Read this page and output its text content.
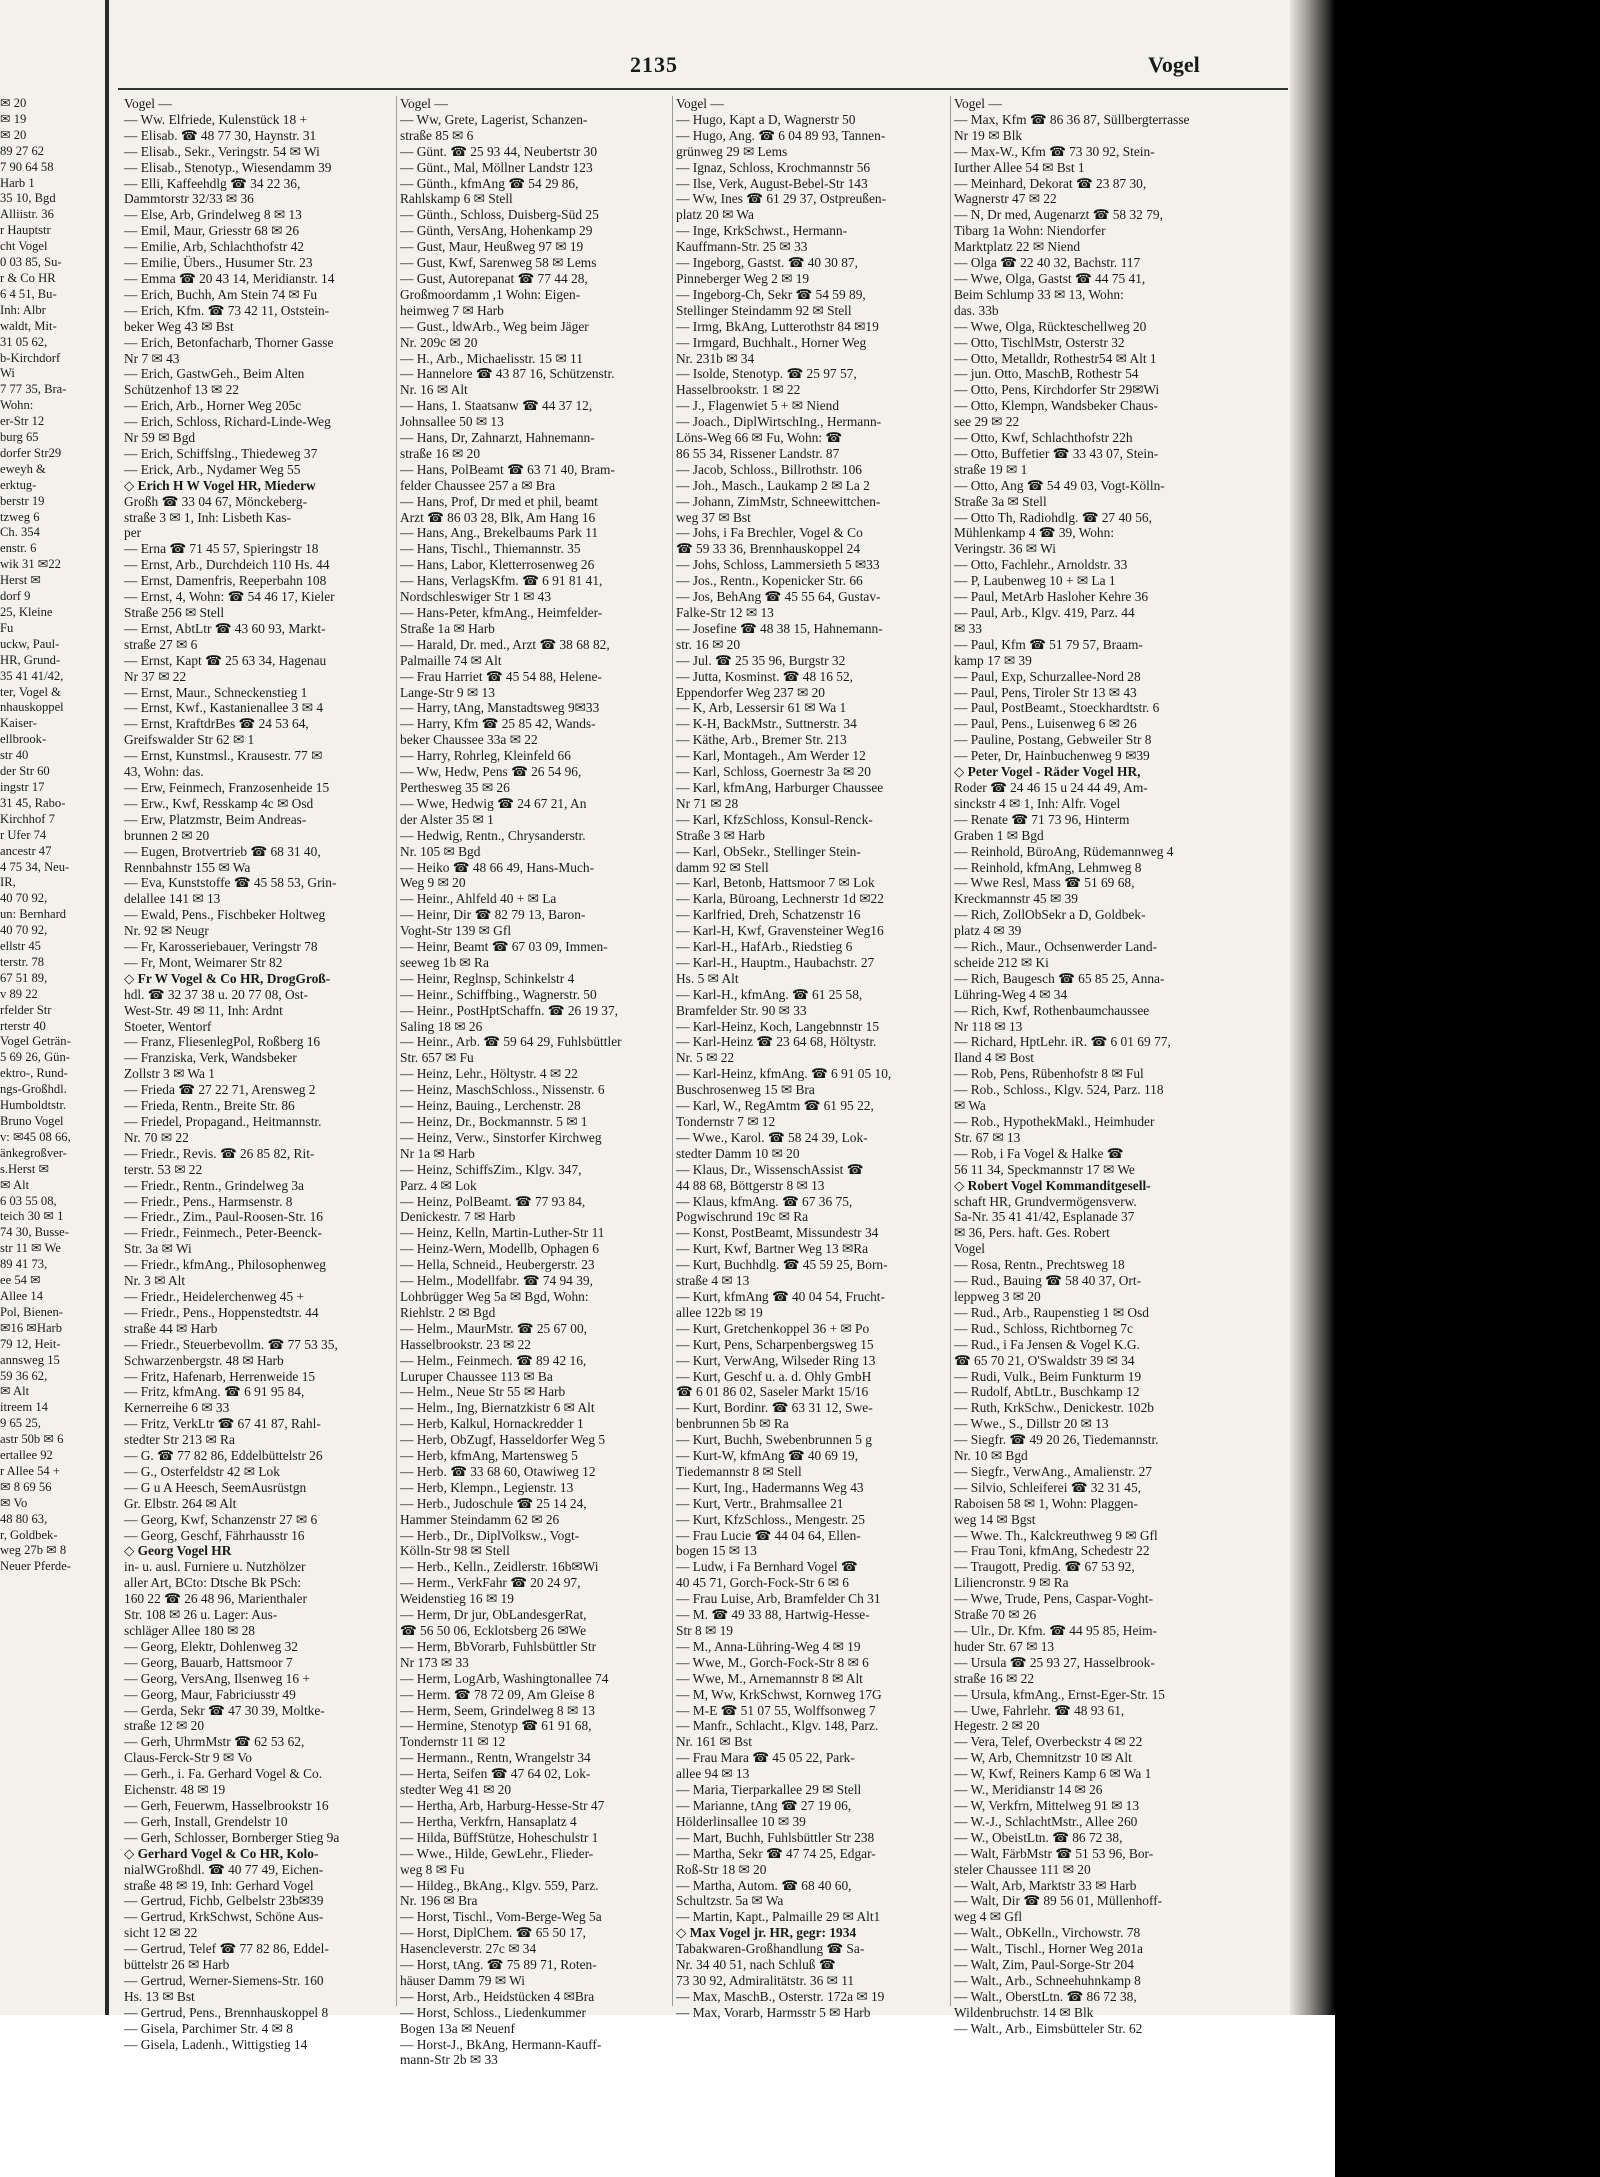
2135	Vogel
✉ 20
✉ 19
✉ 20
89 27 62
7 90 64 58
Harb 1
35 10, Bgd
Alliistr. 36
r Hauptstr
cht Vogel
0 03 85, Su-
r & Co HR
6 4 51, Bu-
Inh: Albr
waldt, Mit-
31 05 62,
b-Kirchdorf
Wi
7 77 35, Bra-
Wohn:
er-Str 12
burg 65
dorfer Str29
eweyh &
erktug-
berstr 19
tzweg 6
Ch. 354
enstr. 6
wik 31 ✉22
Herst ✉
dorf 9
25, Kleine
Fu
uckw, Paul-
HR, Grund-
35 41 41/42,
ter, Vogel &
nhauskoppel
Kaiser-
ellbrook-
str 40
der Str 60
ingstr 17
31 45, Rabo-
Kirchhof 7
r Ufer 74
ancestr 47
4 75 34, Neu-
IR,
40 70 92,
un: Bernhard
40 70 92,
ellstr 45
terstr. 78
67 51 89,
v 89 22
rfelder Str
rterstr 40
Vogel Geträn-
5 69 26, Gün-
ektro-, Rund-
ngs-Großhdl.
Humboldtstr.
Bruno Vogel
v: ✉45 08 66,
änkegroßver-
s.Herst ✉
✉ Alt
6 03 55 08,
teich 30 ✉ 1
74 30, Busse-
str 11 ✉ We
89 41 73,
ee 54 ✉
Allee 14
Pol, Bienen-
✉16 ✉Harb
79 12, Heit-
annsweg 15
59 36 62,
✉ Alt
itreem 14
9 65 25,
astr 50b ✉ 6
ertallee 92
r Allee 54 +
✉ 8 69 56
✉ Vo
48 80 63,
r, Goldbek-
weg 27b ✉ 8
Neuer Pferde-
Vogel —
— Ww. Elfriede, Kulenstück 18 +
— Elisab. ☎ 48 77 30, Haynstr. 31
— Elisab., Sekr., Veringstr. 54 ✉ Wi
— Elisab., Stenotyp., Wiesendamm 39
— Elli, Kaffeehdlg ☎ 34 22 36,
Dammtorstr 32/33 ✉ 36
— Else, Arb, Grindelweg 8 ✉ 13
— Emil, Maur, Griesstr 68 ✉ 26
— Emilie, Arb, Schlachthofstr 42
— Emilie, Übers., Husumer Str. 23
— Emma ☎ 20 43 14, Meridianstr. 14
— Erich, Buchh, Am Stein 74 ✉ Fu
— Erich, Kfm. ☎ 73 42 11, Oststein-
beker Weg 43 ✉ Bst
— Erich, Betonfacharb, Thorner Gasse
Nr 7 ✉ 43
— Erich, GastwGeh., Beim Alten
Schützenhof 13 ✉ 22
— Erich, Arb., Horner Weg 205c
— Erich, Schloss, Richard-Linde-Weg
Nr 59 ✉ Bgd
— Erich, Schiffslng., Thiedeweg 37
— Erick, Arb., Nydamer Weg 55
◇ Erich H W Vogel HR, Miederw
Großh ☎ 33 04 67, Mönckeberg-
straße 3 ✉ 1, Inh: Lisbeth Kas-
per
— Erna ☎ 71 45 57, Spieringstr 18
— Ernst, Arb., Durchdeich 110 Hs. 44
— Ernst, Damenfris, Reeperbahn 108
— Ernst, 4, Wohn: ☎ 54 46 17, Kieler
Straße 256 ✉ Stell
— Ernst, AbtLtr ☎ 43 60 93, Markt-
straße 27 ✉ 6
— Ernst, Kapt ☎ 25 63 34, Hagenau
Nr 37 ✉ 22
— Ernst, Maur., Schneckenstieg 1
— Ernst, Kwf., Kastanienallee 3 ✉ 4
— Ernst, KraftdrBes ☎ 24 53 64,
Greifswalder Str 62 ✉ 1
— Ernst, Kunstmsl., Krausestr. 77 ✉
43, Wohn: das.
— Erw, Feinmech, Franzosenheide 15
— Erw., Kwf, Resskamp 4c ✉ Osd
— Erw, Platzmstr, Beim Andreas-
brunnen 2 ✉ 20
— Eugen, Brotvertrieb ☎ 68 31 40,
Rennbahnstr 155 ✉ Wa
— Eva, Kunststoffe ☎ 45 58 53, Grin-
delallee 141 ✉ 13
— Ewald, Pens., Fischbeker Holtweg
Nr. 92 ✉ Neugr
— Fr, Karosseriebauer, Veringstr 78
— Fr, Mont, Weimarer Str 82
◇ Fr W Vogel & Co HR, DrogGroß-
hdl. ☎ 32 37 38 u. 20 77 08, Ost-
West-Str. 49 ✉ 11, Inh: Ardnt
Stoeter, Wentorf
— Franz, FliesenlegPol, Roßberg 16
— Franziska, Verk, Wandsbeker
Zollstr 3 ✉ Wa 1
— Frieda ☎ 27 22 71, Arensweg 2
— Frieda, Rentn., Breite Str. 86
— Friedel, Propagand., Heitmannstr.
Nr. 70 ✉ 22
— Friedr., Revis. ☎ 26 85 82, Rit-
terstr. 53 ✉ 22
— Friedr., Rentn., Grindelweg 3a
— Friedr., Pens., Harmsenstr. 8
— Friedr., Zim., Paul-Roosen-Str. 16
— Friedr., Feinmech., Peter-Beenck-
Str. 3a ✉ Wi
— Friedr., kfmAng., Philosophenweg
Nr. 3 ✉ Alt
— Friedr., Heidelerchenweg 45 +
— Friedr., Pens., Hoppenstedtstr. 44
straße 44 ✉ Harb
— Friedr., Steuerbevollm. ☎ 77 53 35,
Schwarzenbergstr. 48 ✉ Harb
— Fritz, Hafenarb, Herrenweide 15
— Fritz, kfmAng. ☎ 6 91 95 84,
Kernerreihe 6 ✉ 33
— Fritz, VerkLtr ☎ 67 41 87, Rahl-
stedter Str 213 ✉ Ra
— G. ☎ 77 82 86, Eddelbüttelstr 26
— G., Osterfeldstr 42 ✉ Lok
— G u A Heesch, SeemAusrüstgn
Gr. Elbstr. 264 ✉ Alt
— Georg, Kwf, Schanzenstr 27 ✉ 6
— Georg, Geschf, Fährhausstr 16
◇ Georg Vogel HR
in- u. ausl. Furniere u. Nutzhölzer
aller Art, BCto: Dtsche Bk PSch:
160 22 ☎ 26 48 96, Marienthaler
Str. 108 ✉ 26 u. Lager: Aus-
schläger Allee 180 ✉ 28
— Georg, Elektr, Dohlenweg 32
— Georg, Bauarb, Hattsmoor 7
— Georg, VersAng, Ilsenweg 16 +
— Georg, Maur, Fabriciusstr 49
— Gerda, Sekr ☎ 47 30 39, Moltke-
straße 12 ✉ 20
— Gerh, UhrmMstr ☎ 62 53 62,
Claus-Ferck-Str 9 ✉ Vo
— Gerh., i. Fa. Gerhard Vogel & Co.
Eichenstr. 48 ✉ 19
— Gerh, Feuerwm, Hasselbrookstr 16
— Gerh, Install, Grendelstr 10
— Gerh, Schlosser, Bornberger Stieg 9a
◇ Gerhard Vogel & Co HR, Kolo-
nialWGroßhdl. ☎ 40 77 49, Eichen-
straße 48 ✉ 19, Inh: Gerhard Vogel
— Gertrud, Fichb, Gelbelstr 23b✉39
— Gertrud, KrkSchwst, Schöne Aus-
sicht 12 ✉ 22
— Gertrud, Telef ☎ 77 82 86, Eddel-
büttelstr 26 ✉ Harb
— Gertrud, Werner-Siemens-Str. 160
Hs. 13 ✉ Bst
— Gertrud, Pens., Brennhauskoppel 8
— Gisela, Parchimer Str. 4 ✉ 8
— Gisela, Ladenh., Wittigstieg 14
Vogel —
— Ww, Grete, Lagerist, Schanzen-
straße 85 ✉ 6
— Günt. ☎ 25 93 44, Neubertstr 30
— Günt., Mal, Möllner Landstr 123
— Günth., kfmAng ☎ 54 29 86,
Rahlskamp 6 ✉ Stell
— Günth., Schloss, Duisberg-Süd 25
— Günth, VersAng, Hohenkamp 29
— Gust, Maur, Heußweg 97 ✉ 19
— Gust, Kwf, Sarenweg 58 ✉ Lems
— Gust, Autorepanat ☎ 77 44 28,
Großmoordamm ,1 Wohn: Eigen-
heimweg 7 ✉ Harb
— Gust., ldwArb., Weg beim Jäger
Nr. 209c ✉ 20
— H., Arb., Michaelisstr. 15 ✉ 11
— Hannelore ☎ 43 87 16, Schützenstr.
Nr. 16 ✉ Alt
— Hans, 1. Staatsanw ☎ 44 37 12,
Johnsallee 50 ✉ 13
— Hans, Dr, Zahnarzt, Hahnemann-
straße 16 ✉ 20
— Hans, PolBeamt ☎ 63 71 40, Bram-
felder Chaussee 257 a ✉ Bra
— Hans, Prof, Dr med et phil, beamt
Arzt ☎ 86 03 28, Blk, Am Hang 16
— Hans, Ang., Brekelbaums Park 11
— Hans, Tischl., Thiemannstr. 35
— Hans, Labor, Kletterrosenweg 26
— Hans, VerlagsKfm. ☎ 6 91 81 41,
Nordschleswiger Str 1 ✉ 43
— Hans-Peter, kfmAng., Heimfelder-
Straße 1a ✉ Harb
— Harald, Dr. med., Arzt ☎ 38 68 82,
Palmaille 74 ✉ Alt
— Frau Harriet ☎ 45 54 88, Helene-
Lange-Str 9 ✉ 13
— Harry, tAng, Manstadtsweg 9✉33
— Harry, Kfm ☎ 25 85 42, Wands-
beker Chaussee 33a ✉ 22
— Harry, Rohrleg, Kleinfeld 66
— Ww, Hedw, Pens ☎ 26 54 96,
Pertheswеg 35 ✉ 26
— Wwe, Hedwig ☎ 24 67 21, An
der Alster 35 ✉ 1
— Hedwig, Rentn., Chrysanderstr.
Nr. 105 ✉ Bgd
— Heiko ☎ 48 66 49, Hans-Much-
Weg 9 ✉ 20
— Heinr., Ahlfeld 40 + ✉ La
— Heinr, Dir ☎ 82 79 13, Baron-
Voght-Str 139 ✉ Gfl
— Heinr, Beamt ☎ 67 03 09, Immen-
seeweg 1b ✉ Ra
— Heinr, Reglnsp, Schinkelstr 4
— Heinr., Schiffbing., Wagnerstr. 50
— Heinr., PostHptSchaffn. ☎ 26 19 37,
Saling 18 ✉ 26
— Heinr., Arb. ☎ 59 64 29, Fuhlsbüttler
Str. 657 ✉ Fu
— Heinz, Lehr., Höltystr. 4 ✉ 22
— Heinz, MaschSchloss., Nissenstr. 6
— Heinz, Bauing., Lerchenstr. 28
— Heinz, Dr., Bockmannstr. 5 ✉ 1
— Heinz, Verw., Sinstorfer Kirchweg
Nr 1a ✉ Harb
— Heinz, SchiffsZim., Klgv. 347,
Parz. 4 ✉ Lok
— Heinz, PolBeamt. ☎ 77 93 84,
Denickestr. 7 ✉ Harb
— Heinz, Kelln, Martin-Luther-Str 11
— Heinz-Wern, Modellb, Ophagen 6
— Hella, Schneid., Heubergerstr. 23
— Helm., Modellfabr. ☎ 74 94 39,
Lohbrügger Weg 5a ✉ Bgd, Wohn:
Riehlstr. 2 ✉ Bgd
— Helm., MaurMstr. ☎ 25 67 00,
Hasselbrookstr. 23 ✉ 22
— Helm., Feinmech. ☎ 89 42 16,
Luruper Chaussee 113 ✉ Ba
— Helm., Neue Str 55 ✉ Harb
— Helm., Ing, Biernatzkistr 6 ✉ Alt
— Herb, Kalkul, Hornackredder 1
— Herb, ObZugf, Hasseldorfer Weg 5
— Herb, kfmAng, Martensweg 5
— Herb. ☎ 33 68 60, Otawiweg 12
— Herb, Klempn., Legienstr. 13
— Herb., Judoschule ☎ 25 14 24,
Hammer Steindamm 62 ✉ 26
— Herb., Dr., DiplVolksw., Vogt-
Kölln-Str 98 ✉ Stell
— Herb., Kelln., Zeidlerstr. 16b✉Wi
— Herm., VerkFahr ☎ 20 24 97,
Weidenstieg 16 ✉ 19
— Herm, Dr jur, ObLandesgerRat,
☎ 56 50 06, Ecklotsberg 26 ✉We
— Herm, BbVorarb, Fuhlsbüttler Str
Nr 173 ✉ 33
— Herm, LogArb, Washingtonallee 74
— Herm. ☎ 78 72 09, Am Gleise 8
— Herm, Seem, Grindelweg 8 ✉ 13
— Hermine, Stenotyp ☎ 61 91 68,
Tondernstr 11 ✉ 12
— Hermann., Rentn, Wrangelstr 34
— Herta, Seifen ☎ 47 64 02, Lok-
stedter Weg 41 ✉ 20
— Hertha, Arb, Harburg-Hesse-Str 47
— Hertha, Verkfrn, Hansaplatz 4
— Hilda, BüffStütze, Hoheschulstr 1
— Wwe., Hilde, GewLehr., Flieder-
weg 8 ✉ Fu
— Hildeg., BkAng., Klgv. 559, Parz.
Nr. 196 ✉ Bra
— Horst, Tischl., Vom-Berge-Weg 5a
— Horst, DiplChem. ☎ 65 50 17,
Hasencleverstr. 27c ✉ 34
— Horst, tAng. ☎ 75 89 71, Roten-
häuser Damm 79 ✉ Wi
— Horst, Arb., Heidstücken 4 ✉Bra
— Horst, Schloss., Liedenkummer
Bogen 13a ✉ Neuenf
— Horst-J., BkAng, Hermann-Kauff-
mann-Str 2b ✉ 33
Vogel —
— Hugo, Kapt a D, Wagnerstr 50
— Hugo, Ang. ☎ 6 04 89 93, Tannen-
grünweg 29 ✉ Lems
— Ignaz, Schloss, Krochmannstr 56
— Ilse, Verk, August-Bebel-Str 143
— Ww, Ines ☎ 61 29 37, Ostpreußen-
platz 20 ✉ Wa
— Inge, KrkSchwst., Hermann-
Kauffmann-Str. 25 ✉ 33
— Ingeborg, Gastst. ☎ 40 30 87,
Pinneberger Weg 2 ✉ 19
— Ingeborg-Ch, Sekr ☎ 54 59 89,
Stellinger Steindamm 92 ✉ Stell
— Irmg, BkAng, Lutterothstr 84 ✉19
— Irmgard, Buchhalt., Horner Weg
Nr. 231b ✉ 34
— Isolde, Stenotyp. ☎ 25 97 57,
Hasselbrookstr. 1 ✉ 22
— J., Flagenwiet 5 + ✉ Niend
— Joach., DiplWirtschIng., Hermann-
Löns-Weg 66 ✉ Fu, Wohn: ☎
86 55 34, Rissener Landstr. 87
— Jacob, Schloss., Billrothstr. 106
— Joh., Masch., Laukamp 2 ✉ La 2
— Johann, ZimMstr, Schneewittchen-
weg 37 ✉ Bst
— Johs, i Fa Brechler, Vogel & Co
☎ 59 33 36, Brennhauskoppel 24
— Johs, Schloss, Lammersieth 5 ✉33
— Jos., Rentn., Kopenicker Str. 66
— Jos, BehAng ☎ 45 55 64, Gustav-
Falke-Str 12 ✉ 13
— Josefine ☎ 48 38 15, Hahnemann-
str. 16 ✉ 20
— Jul. ☎ 25 35 96, Burgstr 32
— Jutta, Kosminst. ☎ 48 16 52,
Eppendorfer Weg 237 ✉ 20
— K, Arb, Lessersir 61 ✉ Wa 1
— K-H, BackMstr., Suttnerstr. 34
— Käthe, Arb., Bremer Str. 213
— Karl, Montageh., Am Werder 12
— Karl, Schloss, Goernestr 3a ✉ 20
— Karl, kfmAng, Harburger Chaussee
Nr 71 ✉ 28
— Karl, KfzSchloss, Konsul-Renck-
Straße 3 ✉ Harb
— Karl, ObSekr., Stellinger Stein-
damm 92 ✉ Stell
— Karl, Betonb, Hattsmoor 7 ✉ Lok
— Karla, Büroang, Lechnerstr 1d ✉22
— Karlfried, Dreh, Schatzenstr 16
— Karl-H, Kwf, Gravensteiner Weg16
— Karl-H., HafArb., Riedstieg 6
— Karl-H., Hauptm., Haubachstr. 27
Hs. 5 ✉ Alt
— Karl-H., kfmAng. ☎ 61 25 58,
Bramfelder Str. 90 ✉ 33
— Karl-Heinz, Koch, Langebnnstr 15
— Karl-Heinz ☎ 23 64 68, Höltystr.
Nr. 5 ✉ 22
— Karl-Heinz, kfmAng. ☎ 6 91 05 10,
Buschrosenweg 15 ✉ Bra
— Karl, W., RegAmtm ☎ 61 95 22,
Tondernstr 7 ✉ 12
— Wwe., Karol. ☎ 58 24 39, Lok-
stedter Damm 10 ✉ 20
— Klaus, Dr., WissenschAssist ☎
44 88 68, Böttgerstr 8 ✉ 13
— Klaus, kfmAng. ☎ 67 36 75,
Pogwischrund 19c ✉ Ra
— Konst, PostBeamt, Missundestr 34
— Kurt, Kwf, Bartner Weg 13 ✉Ra
— Kurt, Buchhdlg. ☎ 45 59 25, Born-
straße 4 ✉ 13
— Kurt, kfmAng ☎ 40 04 54, Frucht-
allee 122b ✉ 19
— Kurt, Gretchenkoppel 36 + ✉ Po
— Kurt, Pens, Scharpenbergsweg 15
— Kurt, VerwAng, Wilseder Ring 13
— Kurt, Geschf u. a. d. Ohly GmbH
☎ 6 01 86 02, Saseler Markt 15/16
— Kurt, Bordinr. ☎ 63 31 12, Swe-
benbrunnen 5b ✉ Ra
— Kurt, Buchh, Swebenbrunnen 5 g
— Kurt-W, kfmAng ☎ 40 69 19,
Tiedemannstr 8 ✉ Stell
— Kurt, Ing., Hadermanns Weg 43
— Kurt, Vertr., Brahmsallee 21
— Kurt, KfzSchloss., Mengestr. 25
— Frau Lucie ☎ 44 04 64, Ellen-
bogen 15 ✉ 13
— Ludw, i Fa Bernhard Vogel ☎
40 45 71, Gorch-Fock-Str 6 ✉ 6
— Frau Luise, Arb, Bramfelder Ch 31
— M. ☎ 49 33 88, Hartwig-Hesse-
Str 8 ✉ 19
— M., Anna-Lühring-Weg 4 ✉ 19
— Wwe, M., Gorch-Fock-Str 8 ✉ 6
— Wwe, M., Arnemannstr 8 ✉ Alt
— M, Ww, KrkSchwst, Kornweg 17G
— M-E ☎ 51 07 55, Wolffsonweg 7
— Manfr., Schlacht., Klgv. 148, Parz.
Nr. 161 ✉ Bst
— Frau Mara ☎ 45 05 22, Park-
allee 94 ✉ 13
— Maria, Tierparkallee 29 ✉ Stell
— Marianne, tAng ☎ 27 19 06,
Hölderlinsallee 10 ✉ 39
— Mart, Buchh, Fuhlsbüttler Str 238
— Martha, Sekr ☎ 47 74 25, Edgar-
Roß-Str 18 ✉ 20
— Martha, Autom. ☎ 68 40 60,
Schultzstr. 5a ✉ Wa
— Martin, Kapt., Palmaille 29 ✉ Alt1
◇ Max Vogel jr. HR, gegr: 1934
Tabakwaren-Großhandlung ☎ Sa-
Nr. 34 40 51, nach Schluß ☎
73 30 92, Admiralitätstr. 36 ✉ 11
— Max, MaschB., Osterstr. 172a ✉ 19
— Max, Vorarb, Harmsstr 5 ✉ Harb
Vogel —
— Max, Kfm ☎ 86 36 87, Süllbergterrasse
Nr 19 ✉ Blk
— Max-W., Kfm ☎ 73 30 92, Stein-
Iurther Allee 54 ✉ Bst 1
— Meinhard, Dekorat ☎ 23 87 30,
Wagnerstr 47 ✉ 22
— N, Dr med, Augenarzt ☎ 58 32 79,
Tibarg 1a Wohn: Niendorfer
Marktplatz 22 ✉ Niend
— Olga ☎ 22 40 32, Bachstr. 117
— Wwe, Olga, Gastst ☎ 44 75 41,
Beim Schlump 33 ✉ 13, Wohn:
das. 33b
— Wwe, Olga, Rückteschellweg 20
— Otto, TischlMstr, Osterstr 32
— Otto, Metalldr, Rothestr54 ✉ Alt 1
— jun. Otto, MaschB, Rothestr 54
— Otto, Pens, Kirchdorfer Str 29✉Wi
— Otto, Klempn, Wandsbeker Chaus-
see 29 ✉ 22
— Otto, Kwf, Schlachthofstr 22h
— Otto, Buffetier ☎ 33 43 07, Stein-
straße 19 ✉ 1
— Otto, Ang ☎ 54 49 03, Vogt-Kölln-
Straße 3a ✉ Stell
— Otto Th, Radiohdlg. ☎ 27 40 56,
Mühlenkamp 4 ☎ 39, Wohn:
Veringstr. 36 ✉ Wi
— Otto, Fachlehr., Arnoldstr. 33
— P, Laubenweg 10 + ✉ La 1
— Paul, MetArb Hasloher Kehre 36
— Paul, Arb., Klgv. 419, Parz. 44
✉ 33
— Paul, Kfm ☎ 51 79 57, Braam-
kamp 17 ✉ 39
— Paul, Exp, Schurzallee-Nord 28
— Paul, Pens, Tiroler Str 13 ✉ 43
— Paul, PostBeamt., Stoeckhardtstr. 6
— Paul, Pens., Luisenweg 6 ✉ 26
— Pauline, Postang, Gebweiler Str 8
— Peter, Dr, Hainbuchenweg 9 ✉39
◇ Peter Vogel - Räder Vogel HR,
Roder ☎ 24 46 15 u 24 44 49, Am-
sinckstr 4 ✉ 1, Inh: Alfr. Vogel
— Renate ☎ 71 73 96, Hinterm
Graben 1 ✉ Bgd
— Reinhold, BüroAng, Rüdemannweg 4
— Reinhold, kfmAng, Lehmweg 8
— Wwe Resl, Mass ☎ 51 69 68,
Kreckmannstr 45 ✉ 39
— Rich, ZollObSekr a D, Goldbek-
platz 4 ✉ 39
— Rich., Maur., Ochsenwerder Land-
scheide 212 ✉ Ki
— Rich, Baugesch ☎ 65 85 25, Anna-
Lühring-Weg 4 ✉ 34
— Rich, Kwf, Rothenbaumchaussee
Nr 118 ✉ 13
— Richard, HptLehr. iR. ☎ 6 01 69 77,
Iland 4 ✉ Bost
— Rob, Pens, Rübenhofstr 8 ✉ Ful
— Rob., Schloss., Klgv. 524, Parz. 118
✉ Wa
— Rob., HypothekMakl., Heimhuder
Str. 67 ✉ 13
— Rob, i Fa Vogel & Halke ☎
56 11 34, Speckmannstr 17 ✉ We
◇ Robert Vogel Kommanditgesell-
schaft HR, Grundvermögensverw.
Sa-Nr. 35 41 41/42, Esplanade 37
✉ 36, Pers. haft. Ges. Robert
Vogel
— Rosa, Rentn., Prechtsweg 18
— Rud., Bauing ☎ 58 40 37, Ort-
leppweg 3 ✉ 20
— Rud., Arb., Raupenstieg 1 ✉ Osd
— Rud., Schloss, Richtborneg 7c
— Rud., i Fa Jensen & Vogel K.G.
☎ 65 70 21, O'Swaldstr 39 ✉ 34
— Rudi, Vulk., Beim Funkturm 19
— Rudolf, AbtLtr., Buschkamp 12
— Ruth, KrkSchw., Denickestr. 102b
— Wwe., S., Dillstr 20 ✉ 13
— Siegfr. ☎ 49 20 26, Tiedemannstr.
Nr. 10 ✉ Bgd
— Siegfr., VerwAng., Amalienstr. 27
— Silvio, Schleiferei ☎ 32 31 45,
Raboisen 58 ✉ 1, Wohn: Plaggen-
weg 14 ✉ Bgst
— Wwe. Th., Kalckreuthweg 9 ✉ Gfl
— Frau Toni, kfmAng, Schedestr 22
— Traugott, Predig. ☎ 67 53 92,
Liliencronstr. 9 ✉ Ra
— Wwe, Trude, Pens, Caspar-Voght-
Straße 70 ✉ 26
— Ulr., Dr. Kfm. ☎ 44 95 85, Heim-
huder Str. 67 ✉ 13
— Ursula ☎ 25 93 27, Hasselbrook-
straße 16 ✉ 22
— Ursula, kfmAng., Ernst-Eger-Str. 15
— Uwe, Fahrlehr. ☎ 48 93 61,
Hegestr. 2 ✉ 20
— Vera, Telef, Overbeckstr 4 ✉ 22
— W, Arb, Chemnitzstr 10 ✉ Alt
— W, Kwf, Reiners Kamp 6 ✉ Wa 1
— W., Meridianstr 14 ✉ 26
— W, Verkfrn, Mittelweg 91 ✉ 13
— W.-J., SchlachtMstr., Allee 260
— W., ObeistLtn. ☎ 86 72 38,
— Walt, FärbMstr ☎ 51 53 96, Bor-
steler Chaussee 111 ✉ 20
— Walt, Arb, Marktstr 33 ✉ Harb
— Walt, Dir ☎ 89 56 01, Müllenhoff-
weg 4 ✉ Gfl
— Walt., ObKelln., Virchowstr. 78
— Walt., Tischl., Horner Weg 201a
— Walt, Zim, Paul-Sorge-Str 204
— Walt., Arb., Schneehuhnkamp 8
— Walt., OberstLtn. ☎ 86 72 38,
Wildenbruchstr. 14 ✉ Blk
— Walt., Arb., Eimsbütteler Str. 62
